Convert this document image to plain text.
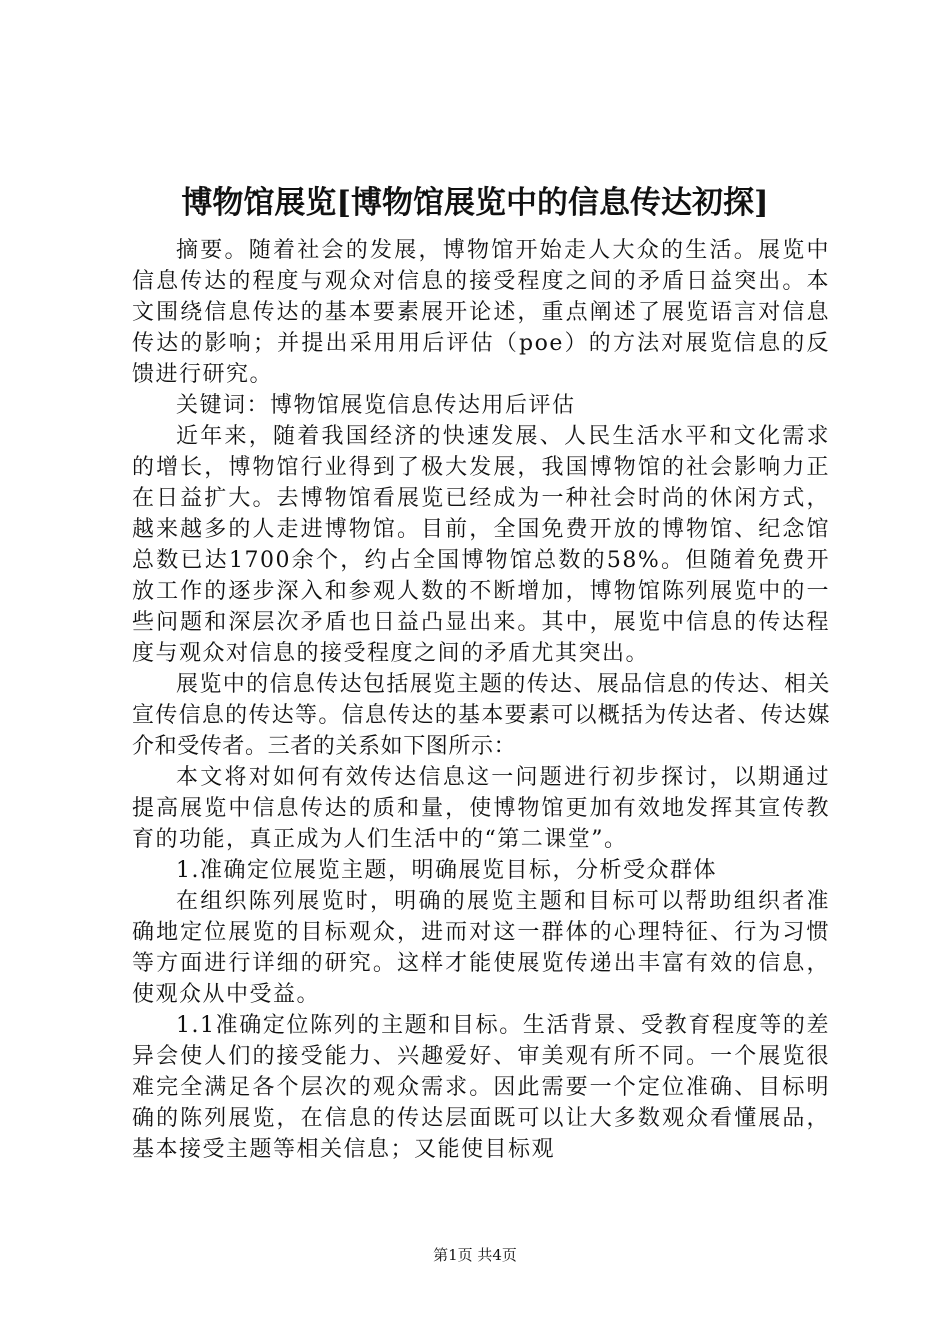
博物馆展览[博物馆展览中的信息传达初探]

摘要。随着社会的发展，博物馆开始走人大众的生活。展览中信息传达的程度与观众对信息的接受程度之间的矛盾日益突出。本文围绕信息传达的基本要素展开论述，重点阐述了展览语言对信息传达的影响；并提出采用用后评估（poe）的方法对展览信息的反馈进行研究。

关键词：博物馆展览信息传达用后评估

近年来，随着我国经济的快速发展、人民生活水平和文化需求的增长，博物馆行业得到了极大发展，我国博物馆的社会影响力正在日益扩大。去博物馆看展览已经成为一种社会时尚的休闲方式，越来越多的人走进博物馆。目前，全国免费开放的博物馆、纪念馆总数已达1700余个，约占全国博物馆总数的58%。但随着免费开放工作的逐步深入和参观人数的不断增加，博物馆陈列展览中的一些问题和深层次矛盾也日益凸显出来。其中，展览中信息的传达程度与观众对信息的接受程度之间的矛盾尤其突出。

展览中的信息传达包括展览主题的传达、展品信息的传达、相关宣传信息的传达等。信息传达的基本要素可以概括为传达者、传达媒介和受传者。三者的关系如下图所示：

本文将对如何有效传达信息这一问题进行初步探讨，以期通过提高展览中信息传达的质和量，使博物馆更加有效地发挥其宣传教育的功能，真正成为人们生活中的“第二课堂”。

1.准确定位展览主题，明确展览目标，分析受众群体

在组织陈列展览时，明确的展览主题和目标可以帮助组织者准确地定位展览的目标观众，进而对这一群体的心理特征、行为习惯等方面进行详细的研究。这样才能使展览传递出丰富有效的信息，使观众从中受益。

1.1准确定位陈列的主题和目标。生活背景、受教育程度等的差异会使人们的接受能力、兴趣爱好、审美观有所不同。一个展览很难完全满足各个层次的观众需求。因此需要一个定位准确、目标明确的陈列展览，在信息的传达层面既可以让大多数观众看懂展品，基本接受主题等相关信息；又能使目标观

第1页 共4页
